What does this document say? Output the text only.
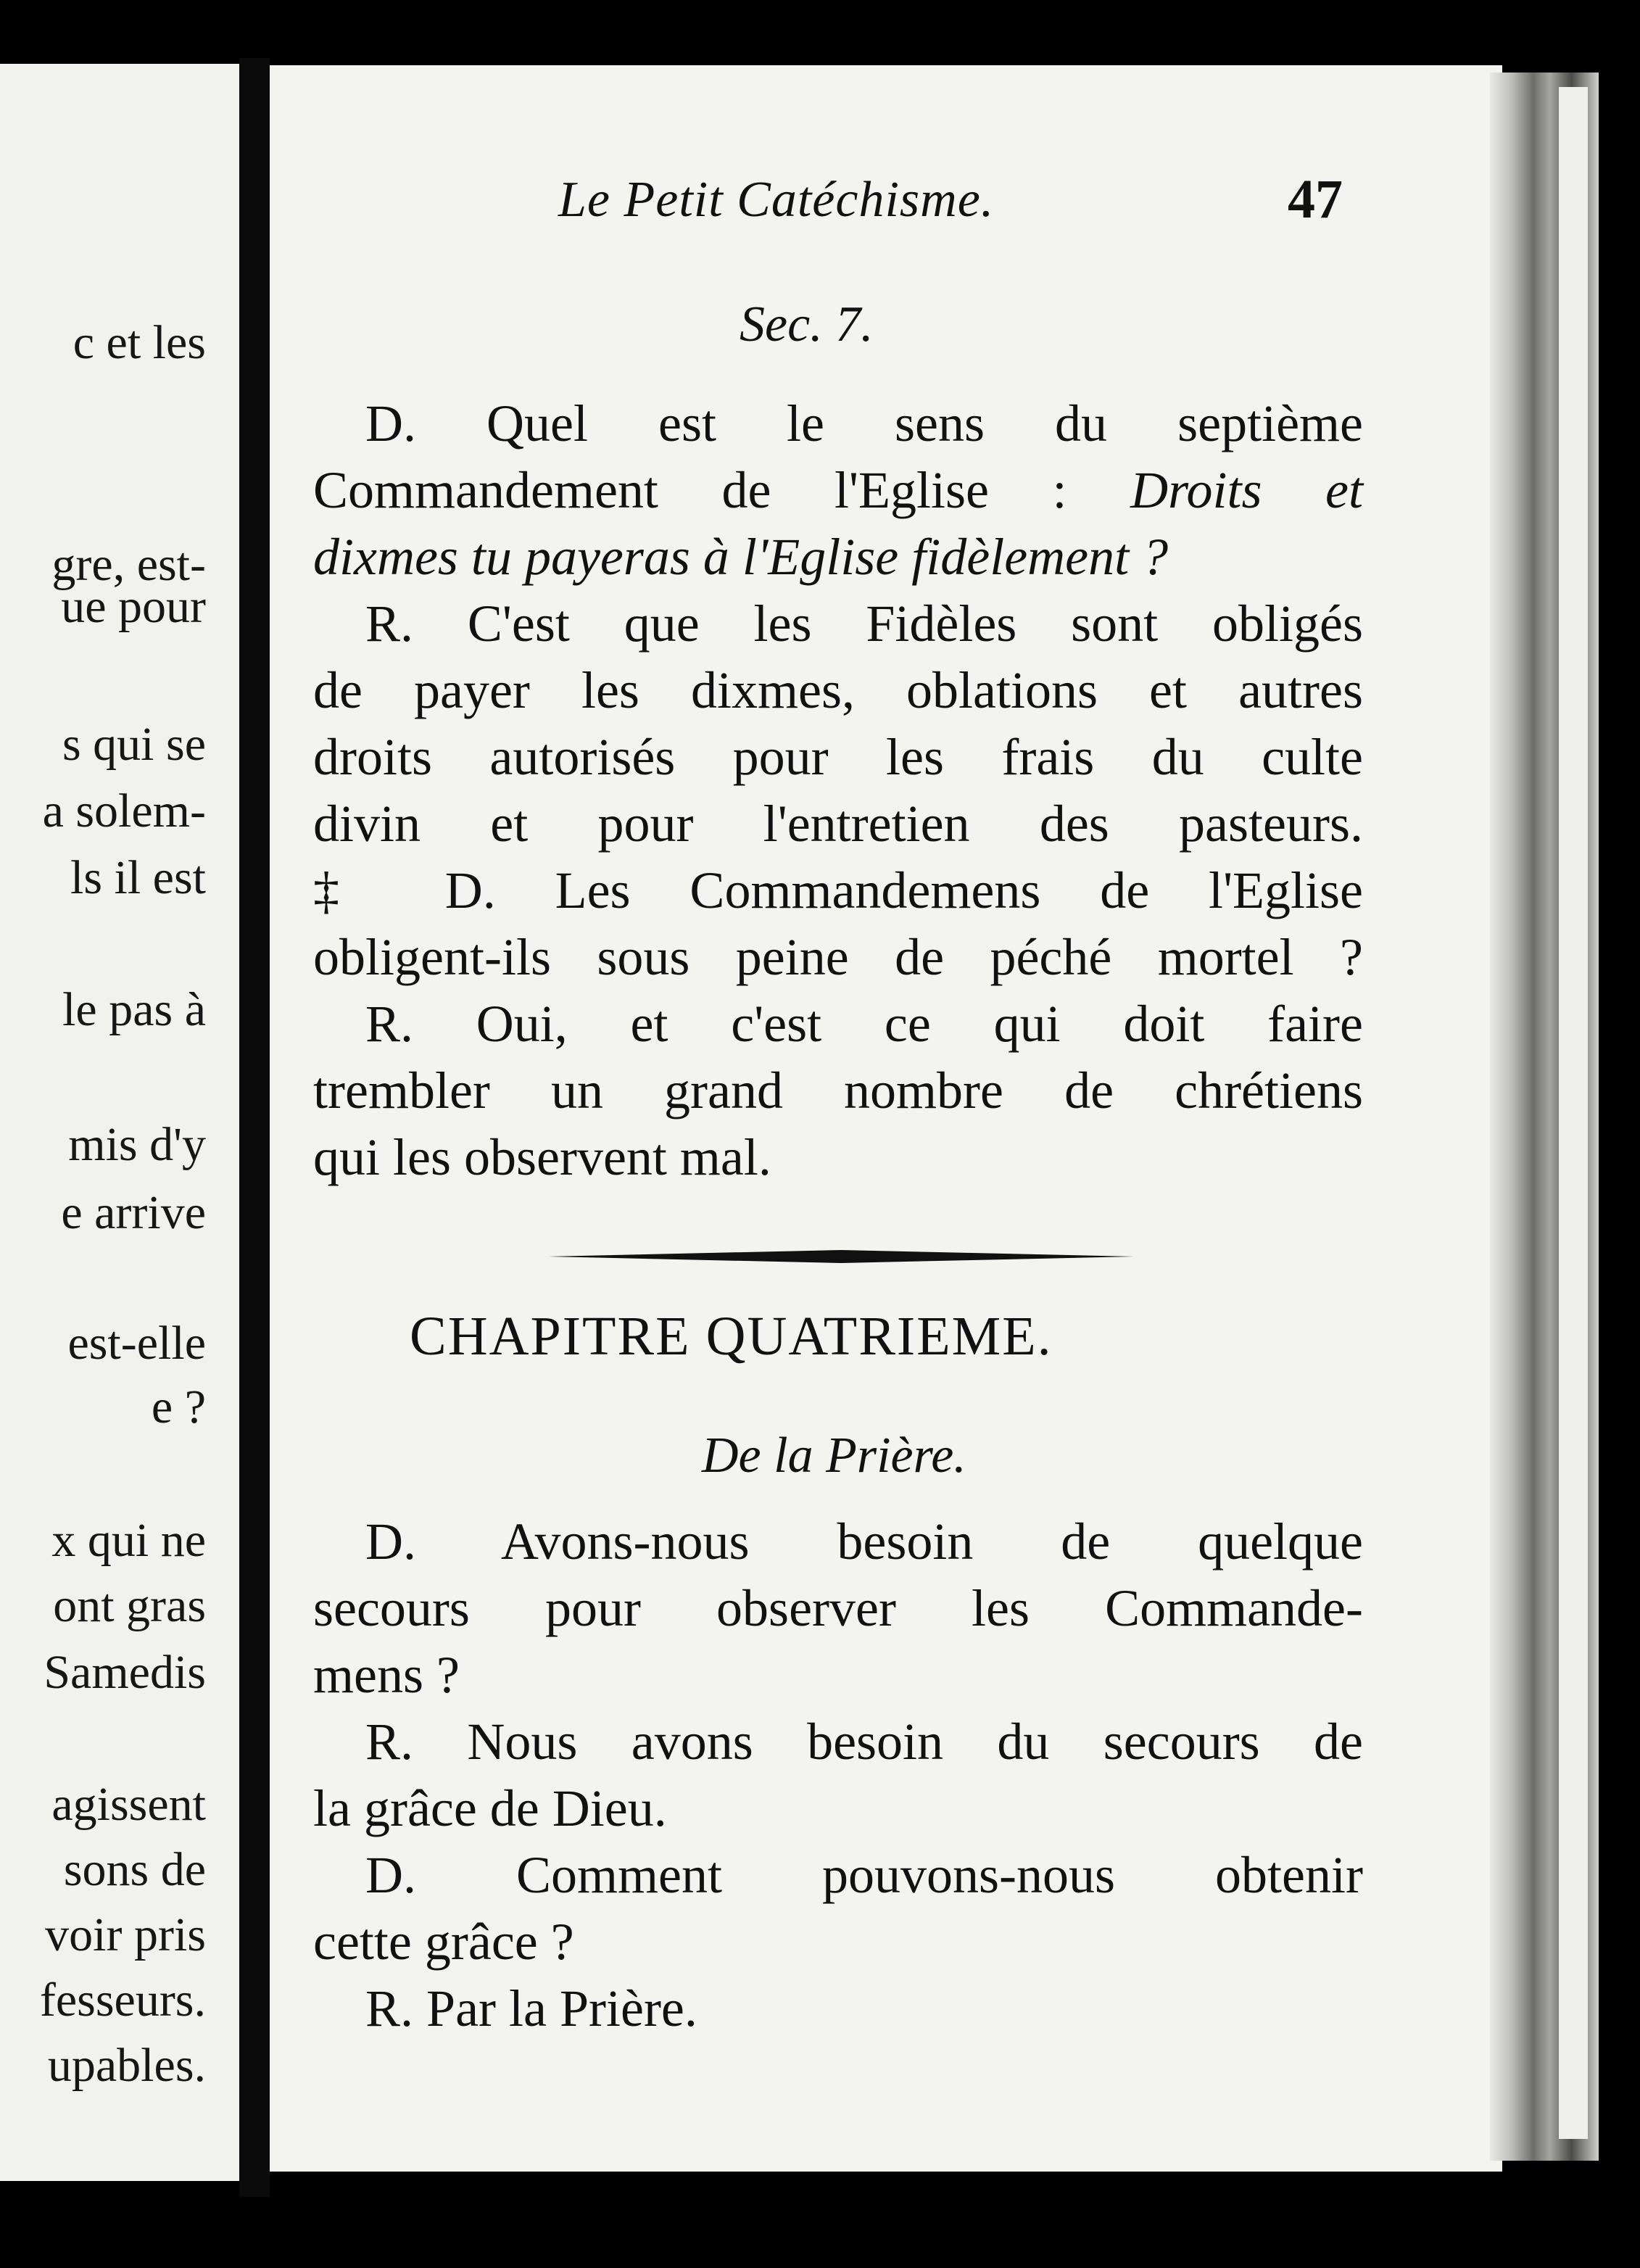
c et les
gre, est-
ue pour
s qui se
a solem-
ls il est
le pas à
mis d'y
e arrive
est-elle
e ?
x qui ne
ont gras
Samedis
agissent
sons de
voir pris
fesseurs.
upables.
Le Petit Catéchisme.	47
Sec. 7.
D. Quel est le sens du septième
Commandement de l'Eglise : Droits et
dixmes tu payeras à l'Eglise fidèlement ?
R. C'est que les Fidèles sont obligés
de payer les dixmes, oblations et autres
droits autorisés pour les frais du culte
divin et pour l'entretien des pasteurs.
‡ D. Les Commandemens de l'Eglise
obligent-ils sous peine de péché mortel ?
R. Oui, et c'est ce qui doit faire
trembler un grand nombre de chrétiens
qui les observent mal.
CHAPITRE QUATRIEME.
De la Prière.
D. Avons-nous besoin de quelque
secours pour observer les Commande-
mens ?
R. Nous avons besoin du secours de
la grâce de Dieu.
D. Comment pouvons-nous obtenir
cette grâce ?
R. Par la Prière.
